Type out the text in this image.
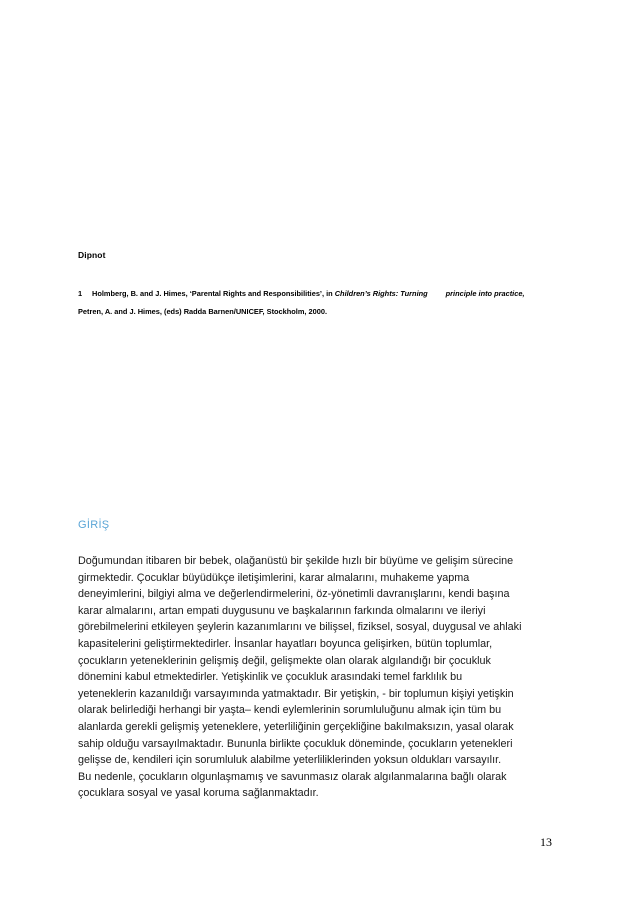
Dipnot
1 Holmberg, B. and J. Himes, ‘Parental Rights and Responsibilities’, in Children’s Rights: Turning principle into practice,
Petren, A. and J. Himes, (eds) Radda Barnen/UNICEF, Stockholm, 2000.
GİRİŞ
Doğumundan itibaren bir bebek, olağanüstü bir şekilde hızlı bir büyüme ve gelişim sürecine
girmektedir. Çocuklar büyüdükçe iletişimlerini, karar almalarını, muhakeme yapma
deneyimlerini, bilgiyi alma ve değerlendirmelerini, öz-yönetimli davranışlarını, kendi başına
karar almalarını, artan empati duygusunu ve başkalarının farkında olmalarını ve ileriyi
görebilmelerini etkileyen şeylerin kazanımlarını ve bilişsel, fiziksel, sosyal, duygusal ve ahlaki
kapasitelerini geliştirmektedirler. İnsanlar hayatları boyunca gelişirken, bütün toplumlar,
çocukların yeteneklerinin gelişmiş değil, gelişmekte olan olarak algılandığı bir çocukluk
dönemini kabul etmektedirler. Yetişkinlik ve çocukluk arasındaki temel farklılık bu
yeteneklerin kazanıldığı varsayımında yatmaktadır. Bir yetişkin, - bir toplumun kişiyi yetişkin
olarak belirlediği herhangi bir yaşta– kendi eylemlerinin sorumluluğunu almak için tüm bu
alanlarda gerekli gelişmiş yeteneklere, yeterliliğinin gerçekliğine bakılmaksızın, yasal olarak
sahip olduğu varsayılmaktadır. Bununla birlikte çocukluk döneminde, çocukların yetenekleri
gelişse de, kendileri için sorumluluk alabilme yeterliliklerinden yoksun oldukları varsayılır.
Bu nedenle, çocukların olgunlaşmamış ve savunmasız olarak algılanmalarına bağlı olarak
çocuklara sosyal ve yasal koruma sağlanmaktadır.
13
